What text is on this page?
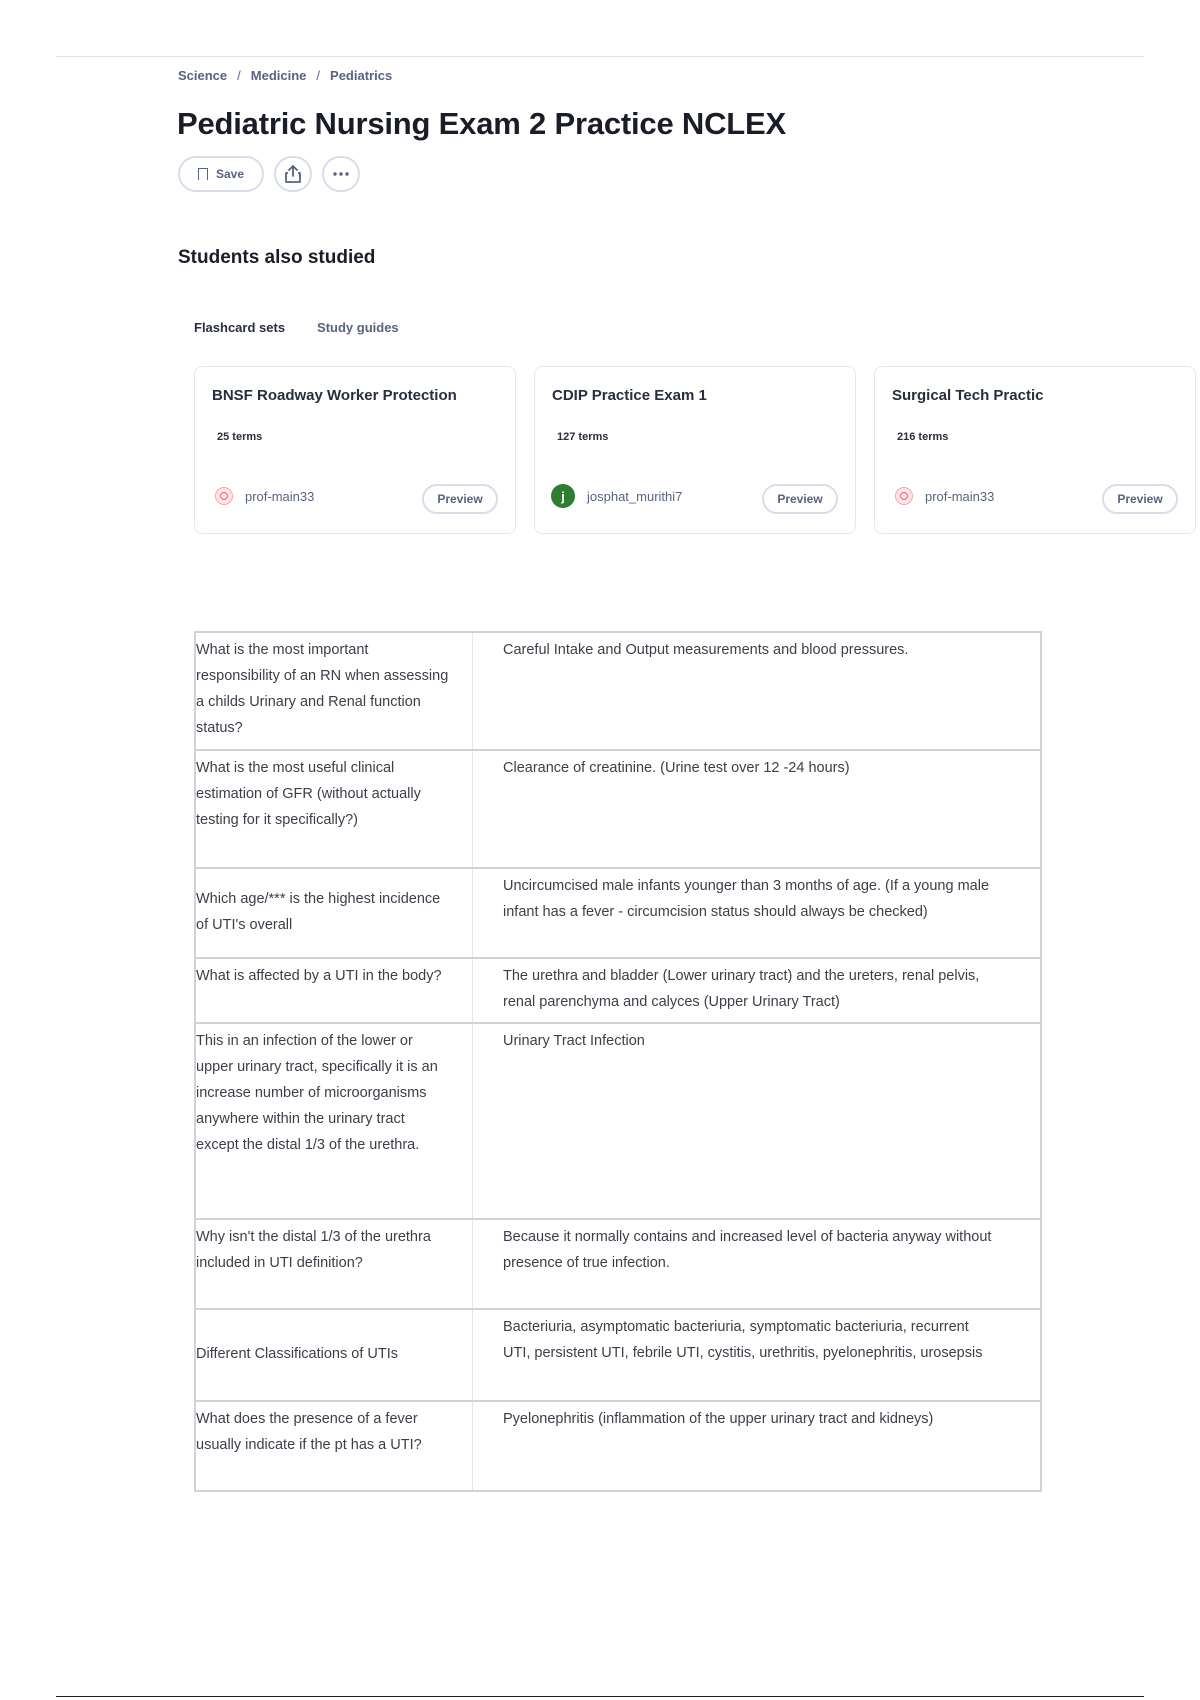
Science / Medicine / Pediatrics
Pediatric Nursing Exam 2 Practice NCLEX
Save
Students also studied
Flashcard sets Study guides
BNSF Roadway Worker Protection
25 terms
prof-main33	Preview
CDIP Practice Exam 1
127 terms
j	josphat_murithi7	Preview
Surgical Tech Practic
216 terms
prof-main33	Preview
What is the most important responsibility of an RN when assessing a childs Urinary and Renal function status?	Careful Intake and Output measurements and blood pressures.
What is the most useful clinical estimation of GFR (without actually testing for it specifically?)	Clearance of creatinine. (Urine test over 12 -24 hours)
Which age/*** is the highest incidence of UTI's overall	Uncircumcised male infants younger than 3 months of age. (If a young male infant has a fever - circumcision status should always be checked)
What is affected by a UTI in the body?	The urethra and bladder (Lower urinary tract) and the ureters, renal pelvis, renal parenchyma and calyces (Upper Urinary Tract)
This in an infection of the lower or upper urinary tract, specifically it is an increase number of microorganisms anywhere within the urinary tract except the distal 1/3 of the urethra.	Urinary Tract Infection
Why isn't the distal 1/3 of the urethra included in UTI definition?	Because it normally contains and increased level of bacteria anyway without presence of true infection.
Different Classifications of UTIs	Bacteriuria, asymptomatic bacteriuria, symptomatic bacteriuria, recurrent UTI, persistent UTI, febrile UTI, cystitis, urethritis, pyelonephritis, urosepsis
What does the presence of a fever usually indicate if the pt has a UTI?	Pyelonephritis (inflammation of the upper urinary tract and kidneys)
